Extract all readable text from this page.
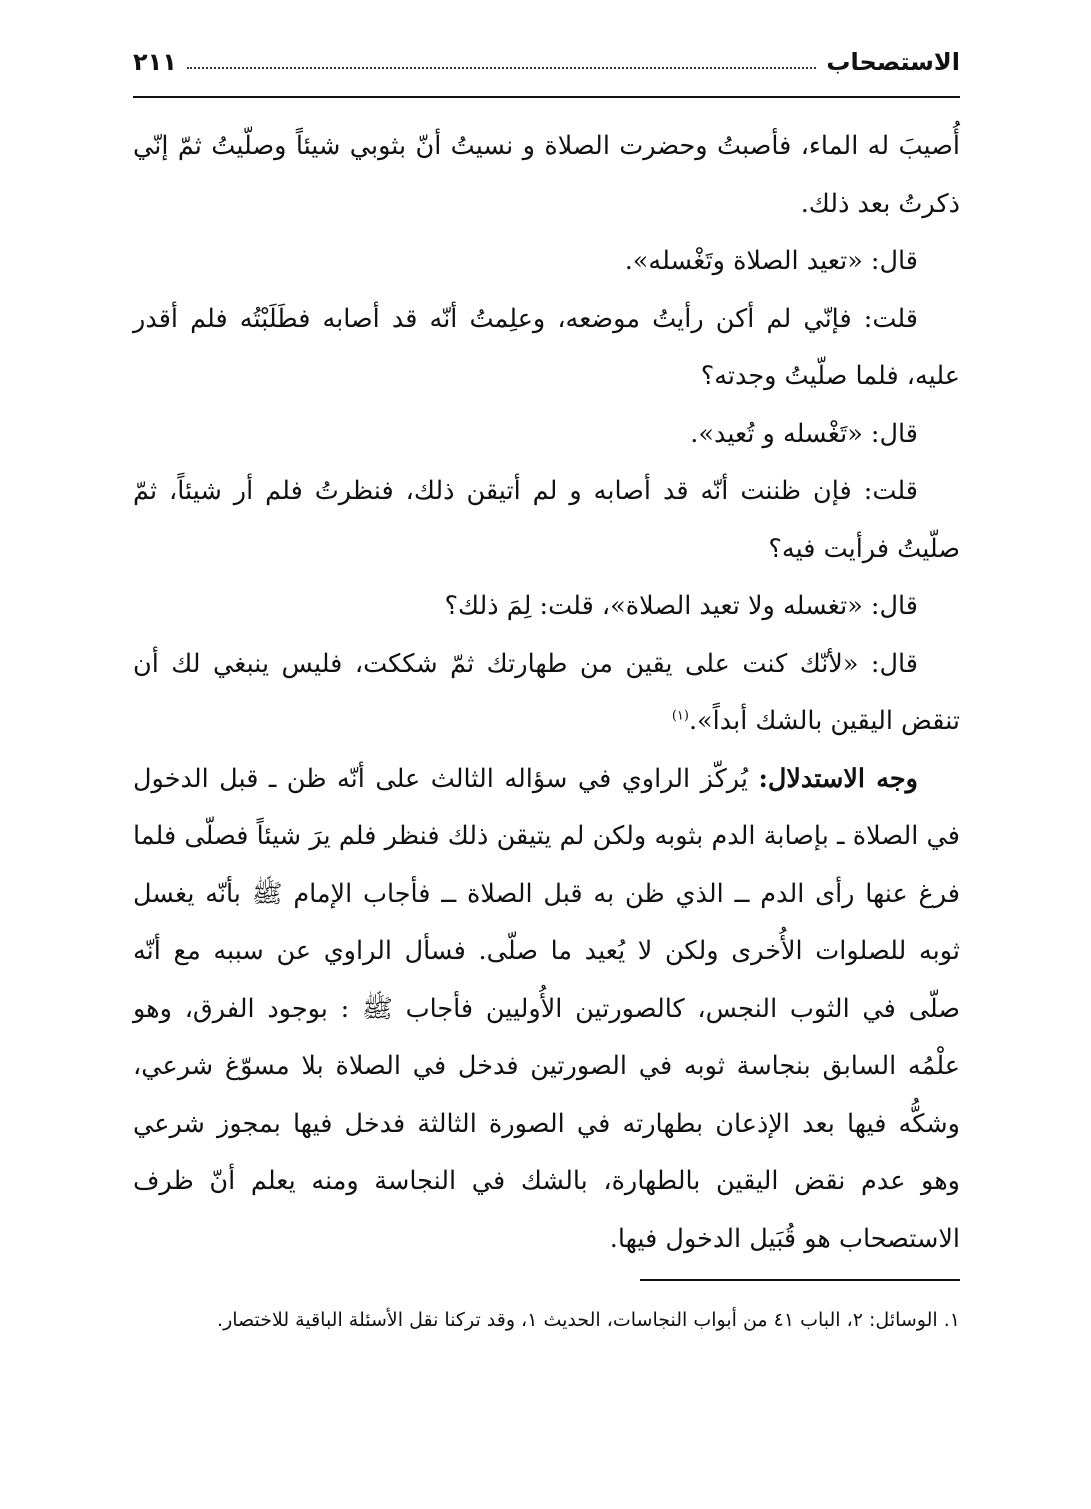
الاستصحاب
٢١١

أُصيبَ له الماء، فأصبتُ وحضرت الصلاة و نسيتُ أنّ بثوبي شيئاً وصلّيتُ ثمّ إنّي ذكرتُ بعد ذلك.

قال: «تعيد الصلاة وتَغْسله».

قلت: فإنّي لم أكن رأيتُ موضعه، وعلِمتُ أنّه قد أصابه فطَلَبْتُه فلم أقدر عليه، فلما صلّيتُ وجدته؟

قال: «تَغْسله و تُعيد».

قلت: فإن ظننت أنّه قد أصابه و لم أتيقن ذلك، فنظرتُ فلم أر شيئاً، ثمّ صلّيتُ فرأيت فيه؟

قال: «تغسله ولا تعيد الصلاة»، قلت: لِمَ ذلك؟

قال: «لأنّك كنت على يقين من طهارتك ثمّ شككت، فليس ينبغي لك أن تنقض اليقين بالشك أبداً».$^{(١)}$

وجه الاستدلال: يُركّز الراوي في سؤاله الثالث على أنّه ظن ـ قبل الدخول في الصلاة ـ بإصابة الدم بثوبه ولكن لم يتيقن ذلك فنظر فلم يرَ شيئاً فصلّى فلما فرغ عنها رأى الدم ــ الذي ظن به قبل الصلاة ــ فأجاب الإمام ﷺ بأنّه يغسل ثوبه للصلوات الأُخرى ولكن لا يُعيد ما صلّى. فسأل الراوي عن سببه مع أنّه صلّى في الثوب النجس، كالصورتين الأُوليين فأجاب ﷺ : بوجود الفرق، وهو علْمُه السابق بنجاسة ثوبه في الصورتين فدخل في الصلاة بلا مسوّغ شرعي، وشكُّه فيها بعد الإذعان بطهارته في الصورة الثالثة فدخل فيها بمجوز شرعي وهو عدم نقض اليقين بالطهارة، بالشك في النجاسة ومنه يعلم أنّ ظرف الاستصحاب هو قُبَيل الدخول فيها.

١. الوسائل: ٢، الباب ٤١ من أبواب النجاسات، الحديث ١، وقد تركنا نقل الأسئلة الباقية للاختصار.
